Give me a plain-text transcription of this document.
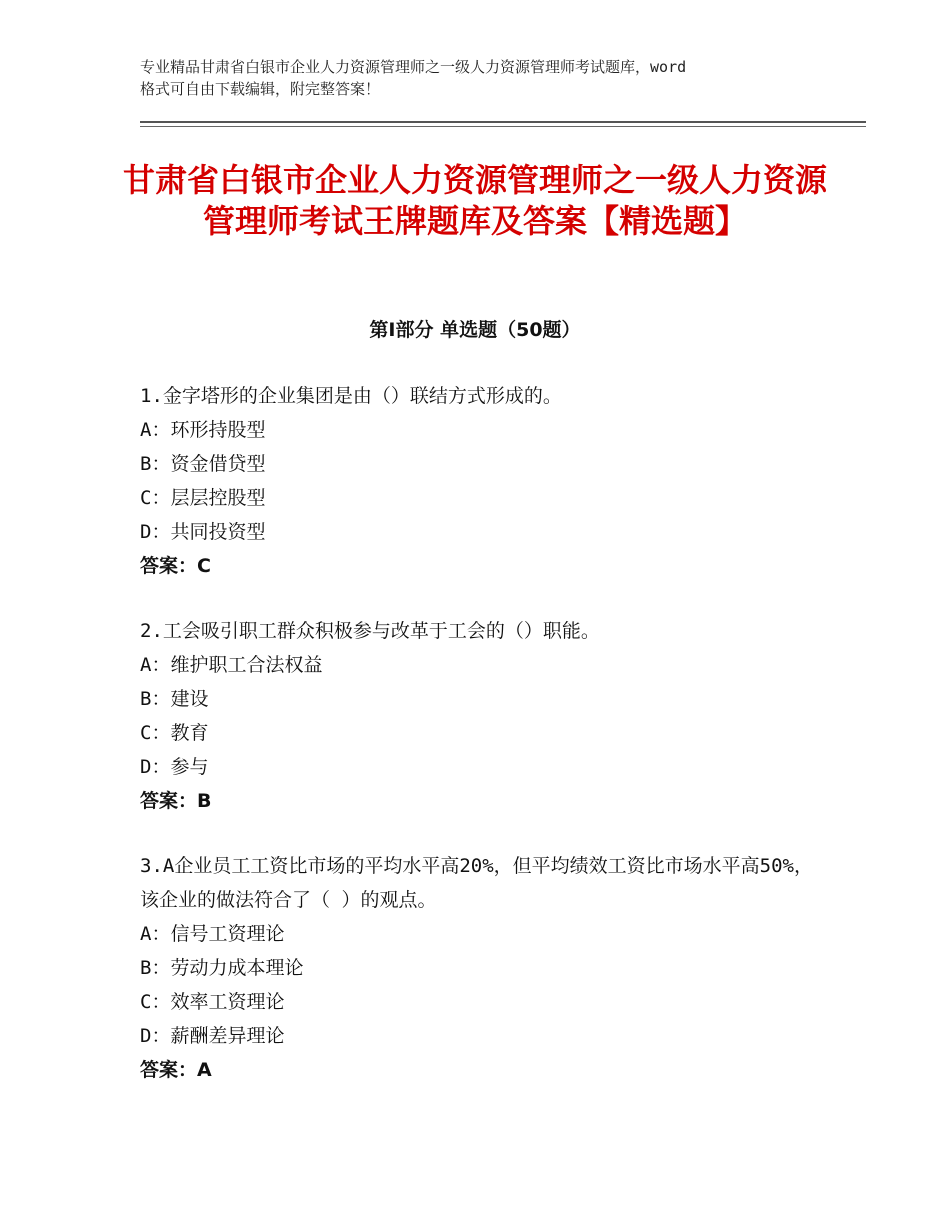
专业精品甘肃省白银市企业人力资源管理师之一级人力资源管理师考试题库，word
格式可自由下载编辑，附完整答案！
甘肃省白银市企业人力资源管理师之一级人力资源管理师考试王牌题库及答案【精选题】
第Ⅰ部分 单选题（50题）
1.金字塔形的企业集团是由（）联结方式形成的。
A：环形持股型
B：资金借贷型
C：层层控股型
D：共同投资型
答案：C
2.工会吸引职工群众积极参与改革于工会的（）职能。
A：维护职工合法权益
B：建设
C：教育
D：参与
答案：B
3.A企业员工工资比市场的平均水平高20%，但平均绩效工资比市场水平高50%，该企业的做法符合了（ ）的观点。
A：信号工资理论
B：劳动力成本理论
C：效率工资理论
D：薪酬差异理论
答案：A
